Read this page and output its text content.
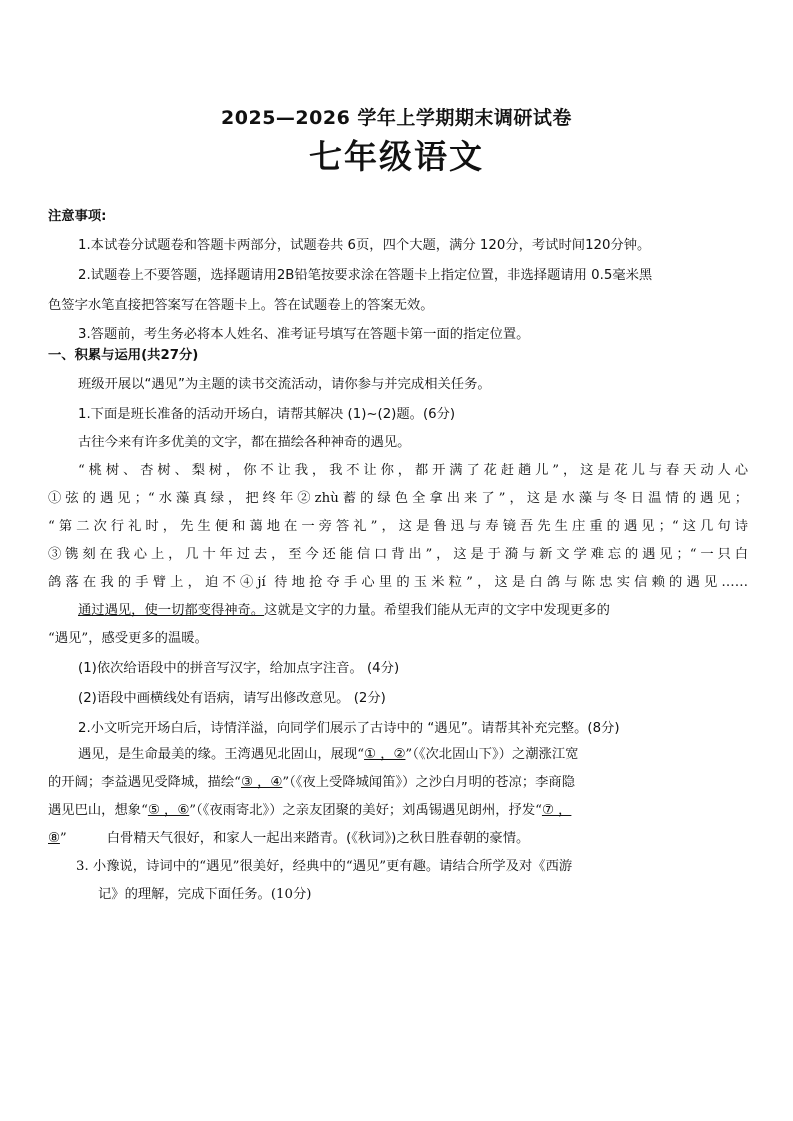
2025—2026 学年上学期期末调研试卷
七年级语文
注意事项:
1.本试卷分试题卷和答题卡两部分，试题卷共 6页，四个大题，满分 120分，考试时间120分钟。
2.试题卷上不要答题，选择题请用2B铅笔按要求涂在答题卡上指定位置，非选择题请用 0.5毫米黑
色签字水笔直接把答案写在答题卡上。答在试题卷上的答案无效。
3.答题前，考生务必将本人姓名、准考证号填写在答题卡第一面的指定位置。
一、积累与运用(共27分)
班级开展以“遇见”为主题的读书交流活动，请你参与并完成相关任务。
1.下面是班长准备的活动开场白，请帮其解决 (1)~(2)题。(6分)
古往今来有许多优美的文字，都在描绘各种神奇的遇见。
“桃树、杏树、梨树，你不让我，我不让你，都开满了花赶趟儿”，这是花儿与春天动人心
①弦的遇见；“水藻真绿，把终年②zhù蓄的绿色全拿出来了”，这是水藻与冬日温情的遇见；
“第二次行礼时，先生便和蔼地在一旁答礼”，这是鲁迅与寿镜吾先生庄重的遇见；“这几句诗
③镌刻在我心上，几十年过去，至今还能信口背出”，这是于漪与新文学难忘的遇见；“一只白
鸽落在我的手臂上，迫不④jí 待地抢夺手心里的玉米粒”，这是白鸽与陈忠实信赖的遇见……
通过遇见，使一切都变得神奇。这就是文字的力量。希望我们能从无声的文字中发现更多的
“遇见”，感受更多的温暖。
(1)依次给语段中的拼音写汉字，给加点字注音。 (4分)
(2)语段中画横线处有语病，请写出修改意见。 (2分)
2.小文听完开场白后，诗情洋溢，向同学们展示了古诗中的 “遇见”。请帮其补充完整。(8分)
遇见，是生命最美的缘。王湾遇见北固山，展现“① ，②”（《次北固山下》）之潮涨江宽
的开阔；李益遇见受降城，描绘“③ ，④”（《夜上受降城闻笛》）之沙白月明的苍凉；李商隐
遇见巴山，想象“⑤ ，⑥”（《夜雨寄北》）之亲友团聚的美好；刘禹锡遇见朗州，抒发“⑦ ，
⑧”	白骨精天气很好，和家人一起出来踏青。(《秋词》)之秋日胜春朝的豪情。
3. 小豫说，诗词中的“遇见”很美好，经典中的“遇见”更有趣。请结合所学及对《西游
记》的理解，完成下面任务。(10分)
